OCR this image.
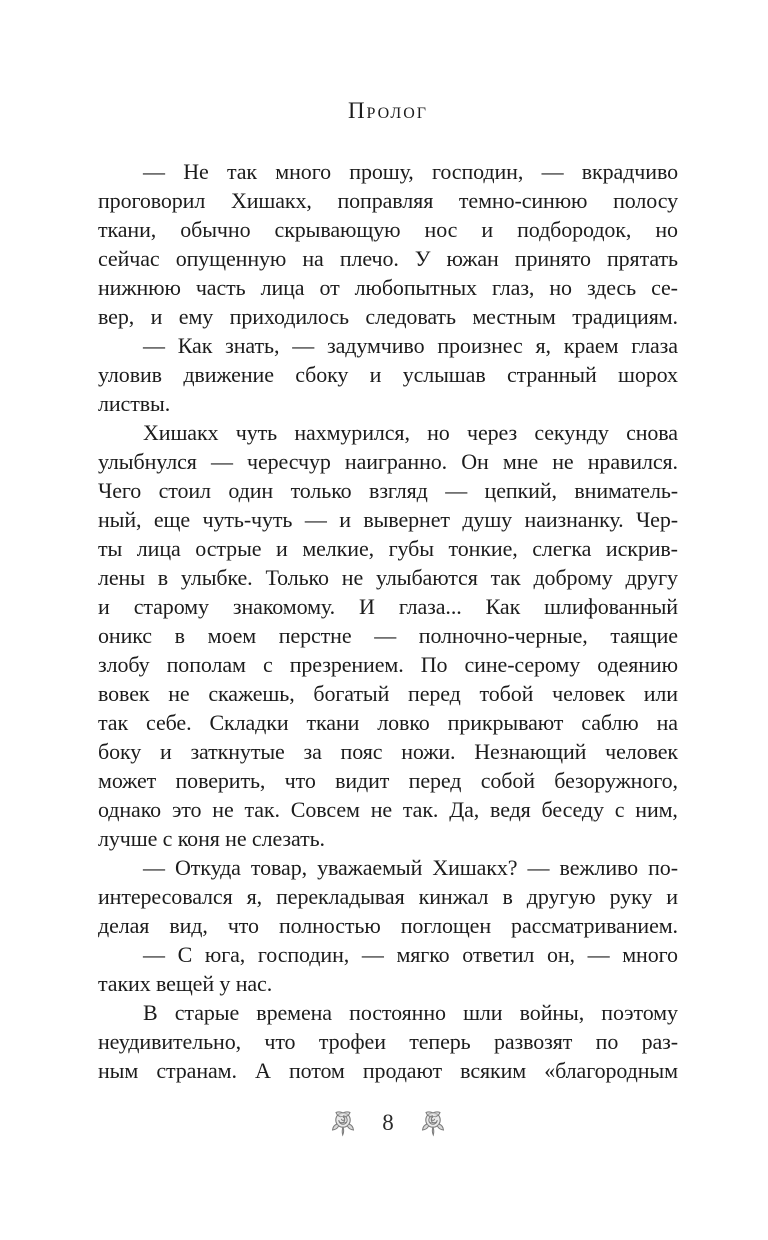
Пролог
— Не так много прошу, господин, — вкрадчиво
проговорил Хишакх, поправляя темно-синюю полосу
ткани, обычно скрывающую нос и подбородок, но
сейчас опущенную на плечо. У южан принято прятать
нижнюю часть лица от любопытных глаз, но здесь се-
вер, и ему приходилось следовать местным традициям.
— Как знать, — задумчиво произнес я, краем глаза
уловив движение сбоку и услышав странный шорох
листвы.
Хишакх чуть нахмурился, но через секунду снова
улыбнулся — чересчур наигранно. Он мне не нравился.
Чего стоил один только взгляд — цепкий, вниматель-
ный, еще чуть-чуть — и вывернет душу наизнанку. Чер-
ты лица острые и мелкие, губы тонкие, слегка искрив-
лены в улыбке. Только не улыбаются так доброму другу
и старому знакомому. И глаза... Как шлифованный
оникс в моем перстне — полночно-черные, таящие
злобу пополам с презрением. По сине-серому одеянию
вовек не скажешь, богатый перед тобой человек или
так себе. Складки ткани ловко прикрывают саблю на
боку и заткнутые за пояс ножи. Незнающий человек
может поверить, что видит перед собой безоружного,
однако это не так. Совсем не так. Да, ведя беседу с ним,
лучше с коня не слезать.
— Откуда товар, уважаемый Хишакх? — вежливо по-
интересовался я, перекладывая кинжал в другую руку и
делая вид, что полностью поглощен рассматриванием.
— С юга, господин, — мягко ответил он, — много
таких вещей у нас.
В старые времена постоянно шли войны, поэтому
неудивительно, что трофеи теперь развозят по раз-
ным странам. А потом продают всяким «благородным
8
